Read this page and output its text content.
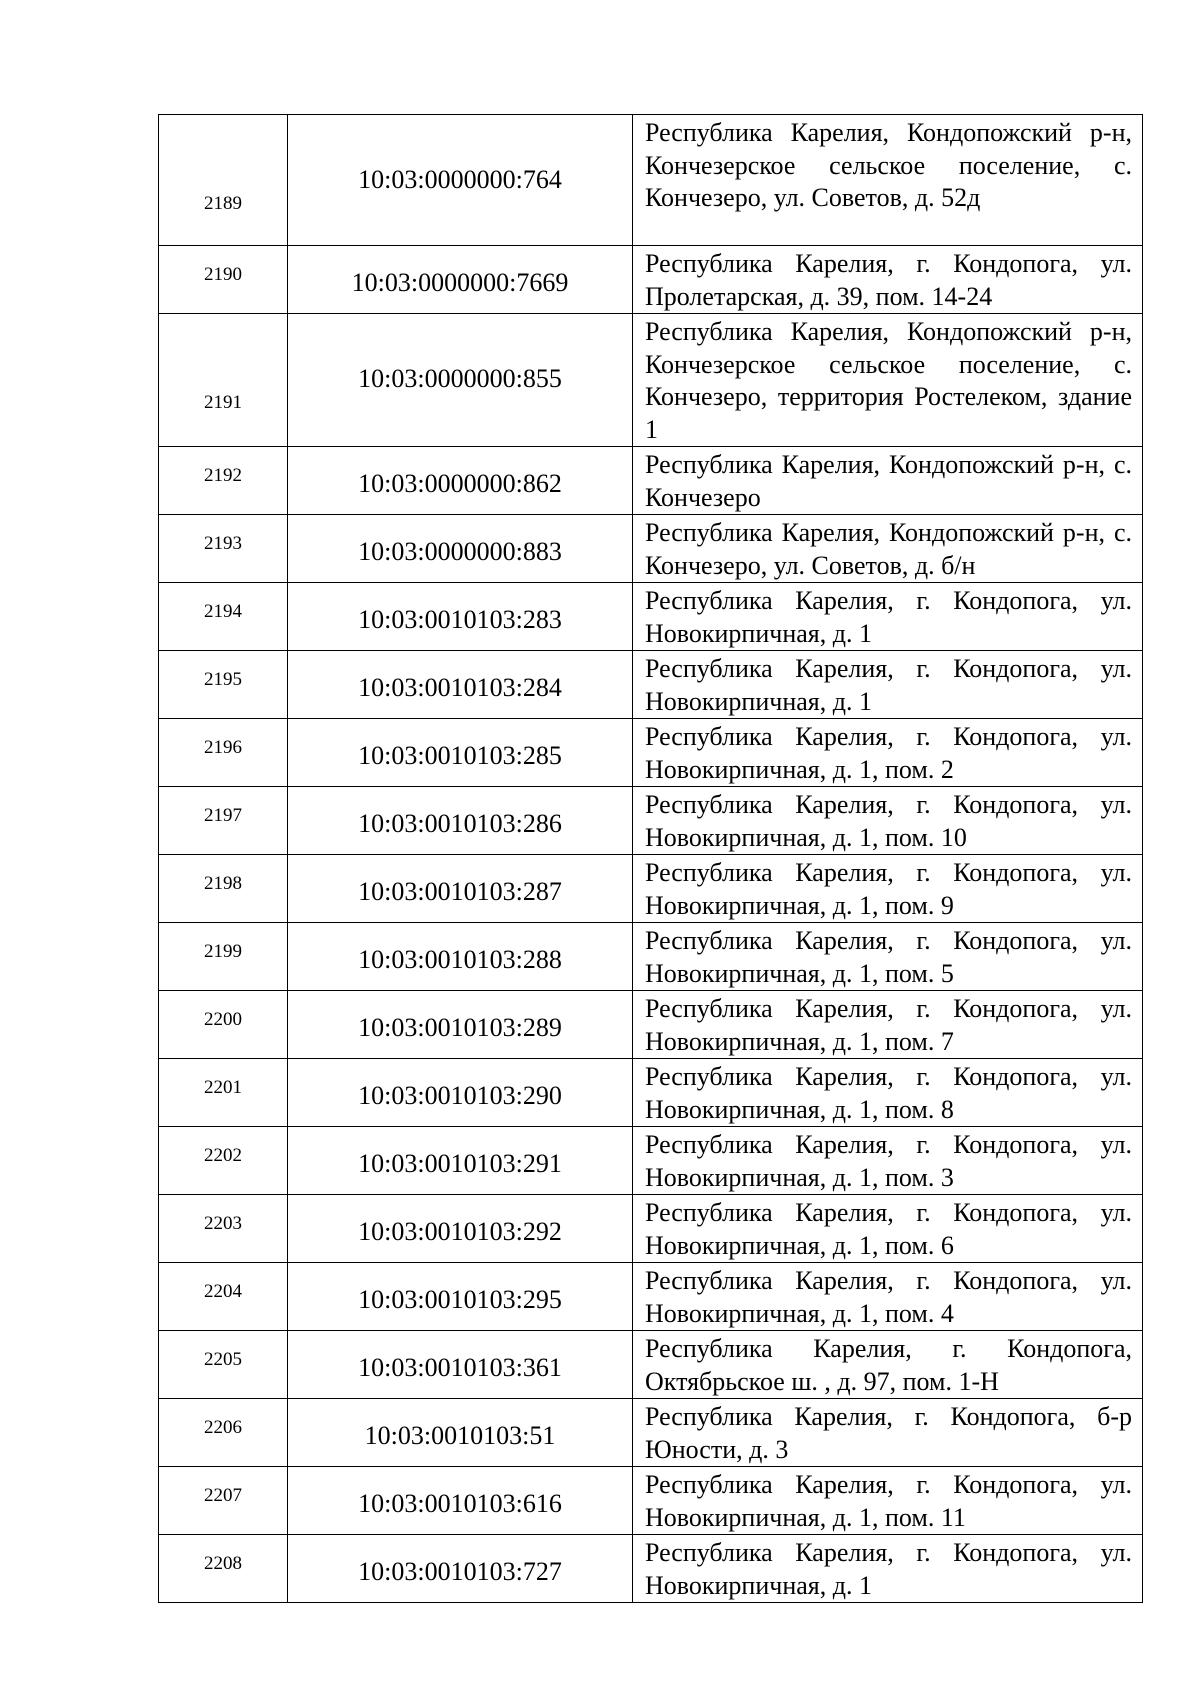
2189	10:03:0000000:764	Республика Карелия, Кондопожский р-н, Кончезерское сельское поселение, с. Кончезеро, ул. Советов, д. 52д
2190	10:03:0000000:7669	Республика Карелия, г. Кондопога, ул. Пролетарская, д. 39, пом. 14-24
2191	10:03:0000000:855	Республика Карелия, Кондопожский р-н, Кончезерское сельское поселение, с. Кончезеро, территория Ростелеком, здание 1
2192	10:03:0000000:862	Республика Карелия, Кондопожский р-н, с. Кончезеро
2193	10:03:0000000:883	Республика Карелия, Кондопожский р-н, с. Кончезеро, ул. Советов, д. б/н
2194	10:03:0010103:283	Республика Карелия, г. Кондопога, ул. Новокирпичная, д. 1
2195	10:03:0010103:284	Республика Карелия, г. Кондопога, ул. Новокирпичная, д. 1
2196	10:03:0010103:285	Республика Карелия, г. Кондопога, ул. Новокирпичная, д. 1, пом. 2
2197	10:03:0010103:286	Республика Карелия, г. Кондопога, ул. Новокирпичная, д. 1, пом. 10
2198	10:03:0010103:287	Республика Карелия, г. Кондопога, ул. Новокирпичная, д. 1, пом. 9
2199	10:03:0010103:288	Республика Карелия, г. Кондопога, ул. Новокирпичная, д. 1, пом. 5
2200	10:03:0010103:289	Республика Карелия, г. Кондопога, ул. Новокирпичная, д. 1, пом. 7
2201	10:03:0010103:290	Республика Карелия, г. Кондопога, ул. Новокирпичная, д. 1, пом. 8
2202	10:03:0010103:291	Республика Карелия, г. Кондопога, ул. Новокирпичная, д. 1, пом. 3
2203	10:03:0010103:292	Республика Карелия, г. Кондопога, ул. Новокирпичная, д. 1, пом. 6
2204	10:03:0010103:295	Республика Карелия, г. Кондопога, ул. Новокирпичная, д. 1, пом. 4
2205	10:03:0010103:361	Республика Карелия, г. Кондопога, Октябрьское ш. , д. 97, пом. 1-Н
2206	10:03:0010103:51	Республика Карелия, г. Кондопога, б-р Юности, д. 3
2207	10:03:0010103:616	Республика Карелия, г. Кондопога, ул. Новокирпичная, д. 1, пом. 11
2208	10:03:0010103:727	Республика Карелия, г. Кондопога, ул. Новокирпичная, д. 1
